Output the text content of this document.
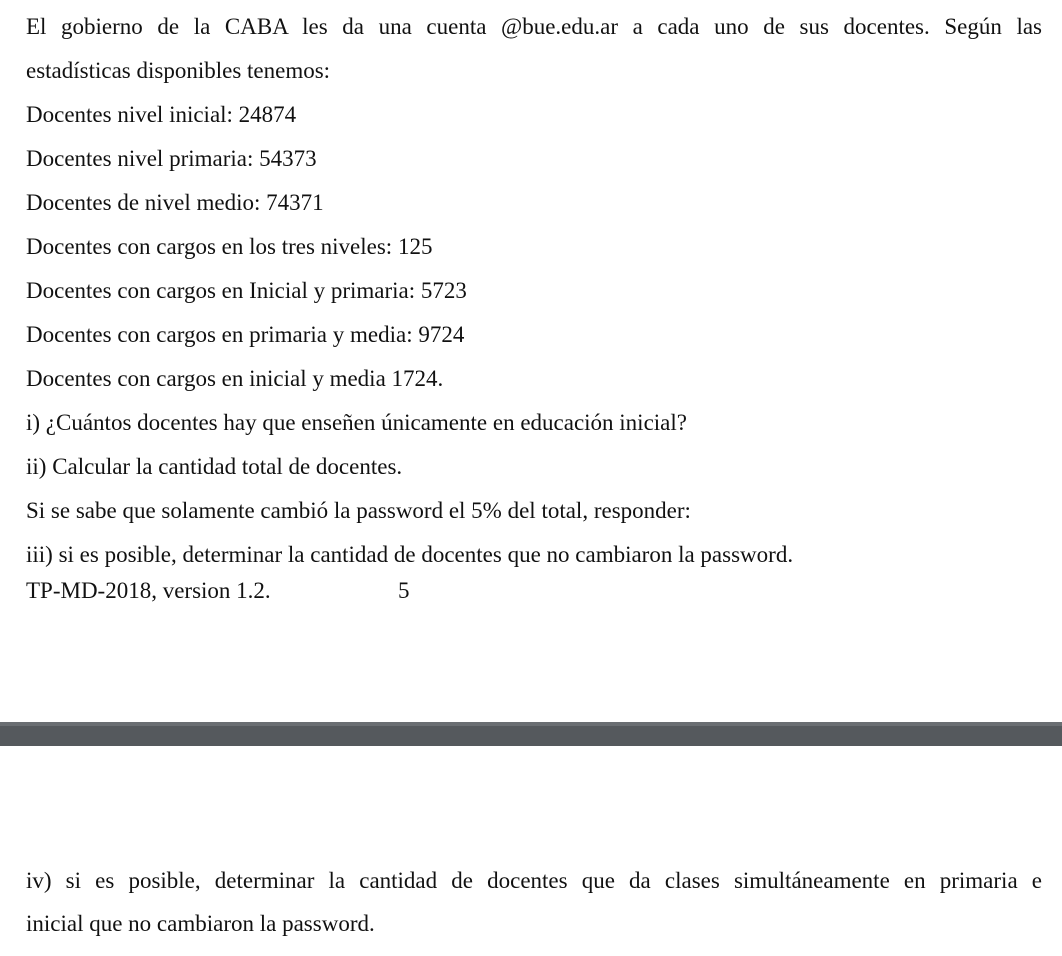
El gobierno de la CABA les da una cuenta @bue.edu.ar a cada uno de sus docentes. Según las
estadísticas disponibles tenemos:
Docentes nivel inicial: 24874
Docentes nivel primaria: 54373
Docentes de nivel medio: 74371
Docentes con cargos en los tres niveles: 125
Docentes con cargos en Inicial y primaria: 5723
Docentes con cargos en primaria y media: 9724
Docentes con cargos en inicial y media 1724.
i) ¿Cuántos docentes hay que enseñen únicamente en educación inicial?
ii) Calcular la cantidad total de docentes.
Si se sabe que solamente cambió la password el 5% del total, responder:
iii) si es posible, determinar la cantidad de docentes que no cambiaron la password.
TP-MD-2018, version 1.2.	5
iv) si es posible, determinar la cantidad de docentes que da clases simultáneamente en primaria e
inicial que no cambiaron la password.
